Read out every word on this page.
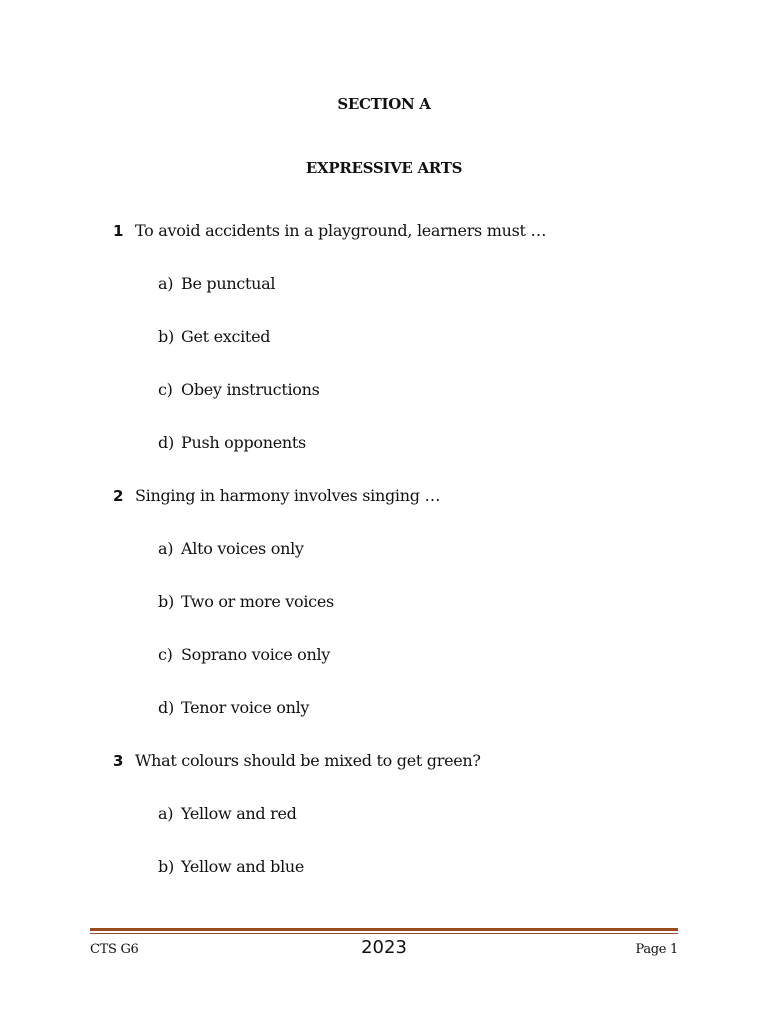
SECTION A
EXPRESSIVE ARTS
1 To avoid accidents in a playground, learners must …
a) Be punctual
b) Get excited
c) Obey instructions
d) Push opponents
2 Singing in harmony involves singing …
a) Alto voices only
b) Two or more voices
c) Soprano voice only
d) Tenor voice only
3 What colours should be mixed to get green?
a) Yellow and red
b) Yellow and blue
CTS G6	2023	Page 1
